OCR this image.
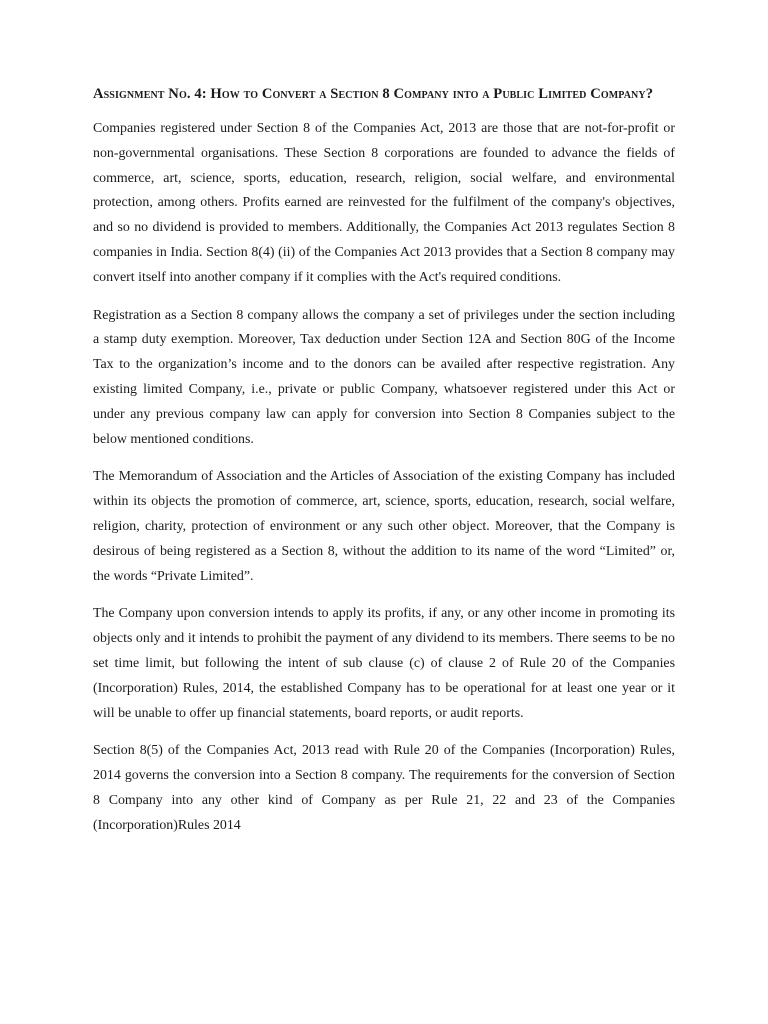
Assignment No. 4: How to Convert a Section 8 Company into a Public Limited Company?

Companies registered under Section 8 of the Companies Act, 2013 are those that are not-for-profit or non-governmental organisations. These Section 8 corporations are founded to advance the fields of commerce, art, science, sports, education, research, religion, social welfare, and environmental protection, among others. Profits earned are reinvested for the fulfilment of the company's objectives, and so no dividend is provided to members. Additionally, the Companies Act 2013 regulates Section 8 companies in India. Section 8(4) (ii) of the Companies Act 2013 provides that a Section 8 company may convert itself into another company if it complies with the Act's required conditions.

Registration as a Section 8 company allows the company a set of privileges under the section including a stamp duty exemption. Moreover, Tax deduction under Section 12A and Section 80G of the Income Tax to the organization’s income and to the donors can be availed after respective registration. Any existing limited Company, i.e., private or public Company, whatsoever registered under this Act or under any previous company law can apply for conversion into Section 8 Companies subject to the below mentioned conditions.

The Memorandum of Association and the Articles of Association of the existing Company has included within its objects the promotion of commerce, art, science, sports, education, research, social welfare, religion, charity, protection of environment or any such other object. Moreover, that the Company is desirous of being registered as a Section 8, without the addition to its name of the word “Limited” or, the words “Private Limited”.

The Company upon conversion intends to apply its profits, if any, or any other income in promoting its objects only and it intends to prohibit the payment of any dividend to its members. There seems to be no set time limit, but following the intent of sub clause (c) of clause 2 of Rule 20 of the Companies (Incorporation) Rules, 2014, the established Company has to be operational for at least one year or it will be unable to offer up financial statements, board reports, or audit reports.

Section 8(5) of the Companies Act, 2013 read with Rule 20 of the Companies (Incorporation) Rules, 2014 governs the conversion into a Section 8 company. The requirements for the conversion of Section 8 Company into any other kind of Company as per Rule 21, 22 and 23 of the Companies (Incorporation)Rules 2014
